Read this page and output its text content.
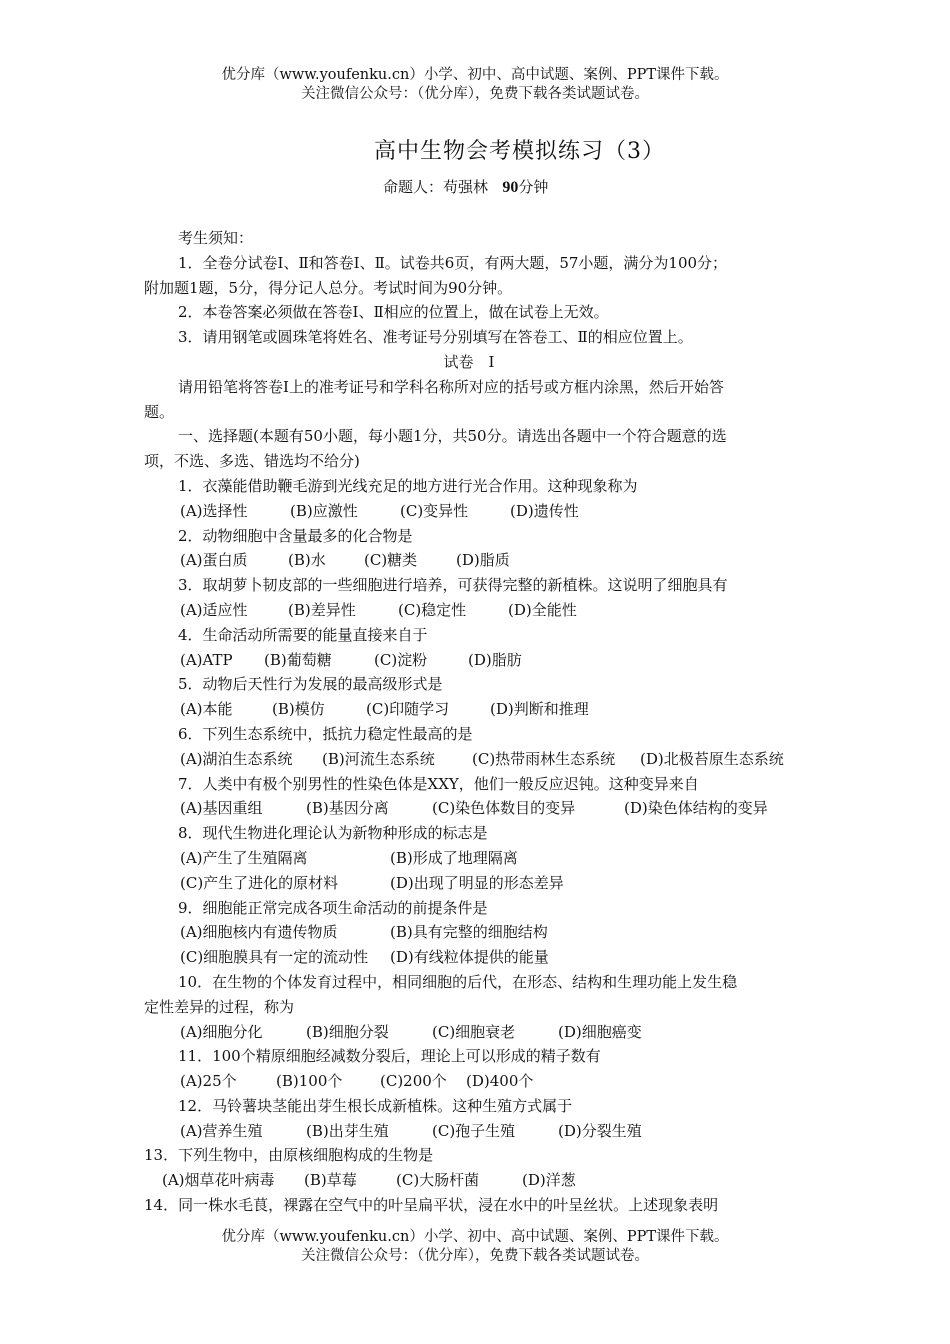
优分库（www.youfenku.cn）小学、初中、高中试题、案例、PPT课件下载。
关注微信公众号：（优分库），免费下载各类试题试卷。
高中生物会考模拟练习（3）
命题人：苟强林 90分钟
考生须知：
1．全卷分试卷Ⅰ、Ⅱ和答卷Ⅰ、Ⅱ。试卷共6页，有两大题，57小题，满分为100分；
附加题1题，5分，得分记人总分。考试时间为90分钟。
2．本卷答案必须做在答卷Ⅰ、Ⅱ相应的位置上，做在试卷上无效。
3．请用钢笔或圆珠笔将姓名、准考证号分别填写在答卷工、Ⅱ的相应位置上。
试卷　Ⅰ
请用铅笔将答卷Ⅰ上的准考证号和学科名称所对应的括号或方框内涂黑，然后开始答
题。
一、选择题(本题有50小题，每小题1分，共50分。请选出各题中一个符合题意的选
项，不选、多选、错选均不给分)
1．衣藻能借助鞭毛游到光线充足的地方进行光合作用。这种现象称为
(A)选择性	(B)应激性	(C)变异性	(D)遗传性
2．动物细胞中含量最多的化合物是
(A)蛋白质	(B)水	(C)糖类	(D)脂质
3．取胡萝卜韧皮部的一些细胞进行培养，可获得完整的新植株。这说明了细胞具有
(A)适应性	(B)差异性	(C)稳定性	(D)全能性
4．生命活动所需要的能量直接来自于
(A)ATP (B)葡萄糖	(C)淀粉	(D)脂肪
5．动物后天性行为发展的最高级形式是
(A)本能	(B)模仿	(C)印随学习	(D)判断和推理
6．下列生态系统中，抵抗力稳定性最高的是
(A)湖泊生态系统 (B)河流生态系统 (C)热带雨林生态系统 (D)北极苔原生态系统
7．人类中有极个别男性的性染色体是XXY，他们一般反应迟钝。这种变异来自
(A)基因重组	(B)基因分离	(C)染色体数目的变异	(D)染色体结构的变异
8．现代生物进化理论认为新物种形成的标志是
(A)产生了生殖隔离	(B)形成了地理隔离
(C)产生了进化的原材料	(D)出现了明显的形态差异
9．细胞能正常完成各项生命活动的前提条件是
(A)细胞核内有遗传物质	(B)具有完整的细胞结构
(C)细胞膜具有一定的流动性 (D)有线粒体提供的能量
10．在生物的个体发育过程中，相同细胞的后代，在形态、结构和生理功能上发生稳
定性差异的过程，称为
(A)细胞分化	(B)细胞分裂	(C)细胞衰老	(D)细胞癌变
11．100个精原细胞经减数分裂后，理论上可以形成的精子数有
(A)25个	(B)100个	(C)200个 (D)400个
12．马铃薯块茎能出芽生根长成新植株。这种生殖方式属于
(A)营养生殖	(B)出芽生殖	(C)孢子生殖	(D)分裂生殖
13．下列生物中，由原核细胞构成的生物是
(A)烟草花叶病毒 (B)草莓	(C)大肠杆菌	(D)洋葱
14．同一株水毛茛，裸露在空气中的叶呈扁平状，浸在水中的叶呈丝状。上述现象表明
优分库（www.youfenku.cn）小学、初中、高中试题、案例、PPT课件下载。
关注微信公众号：（优分库），免费下载各类试题试卷。
